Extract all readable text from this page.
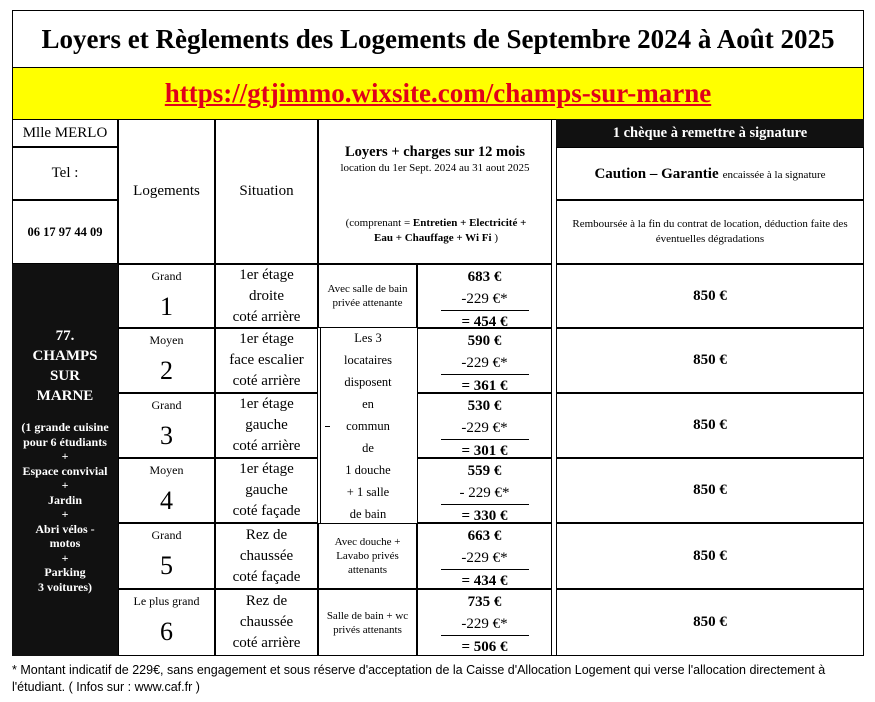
Loyers et Règlements des Logements de Septembre 2024 à Août 2025
https://gtjimmo.wixsite.com/champs-sur-marne
Mlle MERLO
Tel :
06 17 97 44 09
Logements	Situation
Loyers + charges sur 12 mois
location du 1er Sept. 2024 au 31 aout 2025
(comprenant = Entretien + Electricité +
Eau + Chauffage + Wi Fi )
1 chèque à remettre à signature
Caution – Garantie encaissée à la signature
Remboursée à la fin du contrat de location, déduction faite des éventuelles dégradations
77.
CHAMPS
SUR
MARNE
(1 grande cuisine
pour 6 étudiants
+
Espace convivial
+
Jardin
+
Abri vélos -
motos
+
Parking
3 voitures)
Les 3
locataires
disposent
en
commun
de
1 douche
+ 1 salle
de bain
Grand
1
1er étage
droite
coté arrière
Avec salle de bain privée attenante
683 €
-229 €*
= 454 €
850 €
Moyen
2
1er étage
face escalier
coté arrière
590 €
-229 €*
= 361 €
850 €
Grand
3
1er étage
gauche
coté arrière
530 €
-229 €*
= 301 €
850 €
Moyen
4
1er étage
gauche
coté façade
559 €
- 229 €*
= 330 €
850 €
Grand
5
Rez de
chaussée
coté façade
Avec douche + Lavabo privés attenants
663 €
-229 €*
= 434 €
850 €
Le plus grand
6
Rez de
chaussée
coté arrière
Salle de bain + wc privés attenants
735 €
-229 €*
= 506 €
850 €
* Montant indicatif de 229€, sans engagement et sous réserve d'acceptation de la Caisse d'Allocation Logement qui verse l'allocation directement à l'étudiant. ( Infos sur : www.caf.fr )
